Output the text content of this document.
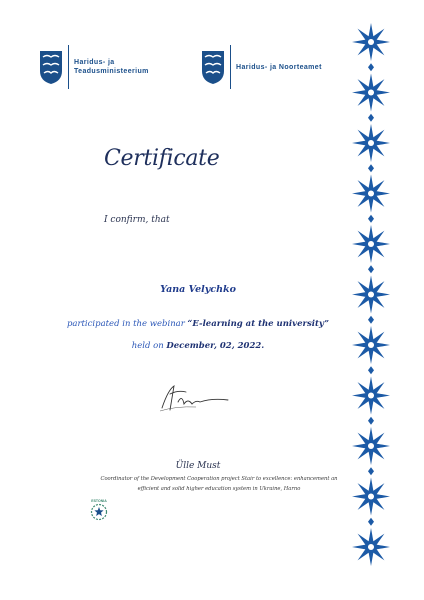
Haridus- ja
Teadusministeerium
Haridus- ja Noorteamet
Certificate
I confirm, that
Yana Velychko
participated in the webinar “E-learning at the university”
held on December, 02, 2022.
Ülle Must
Coordinator of the Development Cooperation project Stair to excellence: enhancement an efficient and solid higher education system in Ukraine, Harno
ESTONIA
